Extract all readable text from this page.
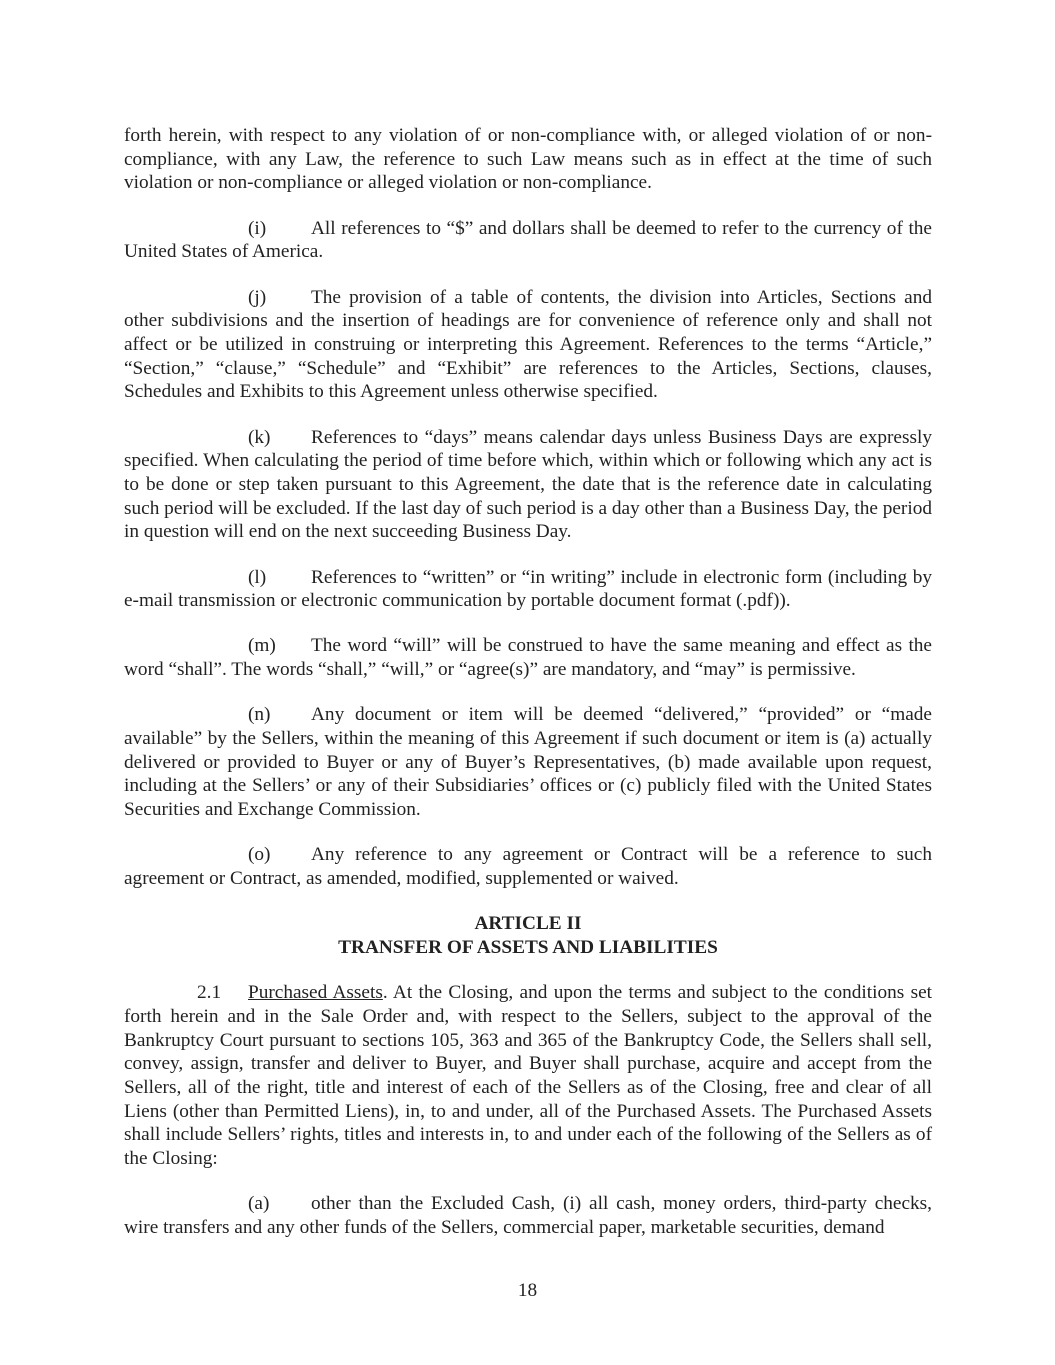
forth herein, with respect to any violation of or non-compliance with, or alleged violation of or non-compliance, with any Law, the reference to such Law means such as in effect at the time of such violation or non-compliance or alleged violation or non-compliance.

(i) All references to “$” and dollars shall be deemed to refer to the currency of the United States of America.

(j) The provision of a table of contents, the division into Articles, Sections and other subdivisions and the insertion of headings are for convenience of reference only and shall not affect or be utilized in construing or interpreting this Agreement. References to the terms “Article,” “Section,” “clause,” “Schedule” and “Exhibit” are references to the Articles, Sections, clauses, Schedules and Exhibits to this Agreement unless otherwise specified.

(k) References to “days” means calendar days unless Business Days are expressly specified. When calculating the period of time before which, within which or following which any act is to be done or step taken pursuant to this Agreement, the date that is the reference date in calculating such period will be excluded. If the last day of such period is a day other than a Business Day, the period in question will end on the next succeeding Business Day.

(l) References to “written” or “in writing” include in electronic form (including by e-mail transmission or electronic communication by portable document format (.pdf)).

(m) The word “will” will be construed to have the same meaning and effect as the word “shall”. The words “shall,” “will,” or “agree(s)” are mandatory, and “may” is permissive.

(n) Any document or item will be deemed “delivered,” “provided” or “made available” by the Sellers, within the meaning of this Agreement if such document or item is (a) actually delivered or provided to Buyer or any of Buyer’s Representatives, (b) made available upon request, including at the Sellers’ or any of their Subsidiaries’ offices or (c) publicly filed with the United States Securities and Exchange Commission.

(o) Any reference to any agreement or Contract will be a reference to such agreement or Contract, as amended, modified, supplemented or waived.

ARTICLE II
TRANSFER OF ASSETS AND LIABILITIES

2.1 Purchased Assets. At the Closing, and upon the terms and subject to the conditions set forth herein and in the Sale Order and, with respect to the Sellers, subject to the approval of the Bankruptcy Court pursuant to sections 105, 363 and 365 of the Bankruptcy Code, the Sellers shall sell, convey, assign, transfer and deliver to Buyer, and Buyer shall purchase, acquire and accept from the Sellers, all of the right, title and interest of each of the Sellers as of the Closing, free and clear of all Liens (other than Permitted Liens), in, to and under, all of the Purchased Assets. The Purchased Assets shall include Sellers’ rights, titles and interests in, to and under each of the following of the Sellers as of the Closing:

(a) other than the Excluded Cash, (i) all cash, money orders, third-party checks, wire transfers and any other funds of the Sellers, commercial paper, marketable securities, demand

18
